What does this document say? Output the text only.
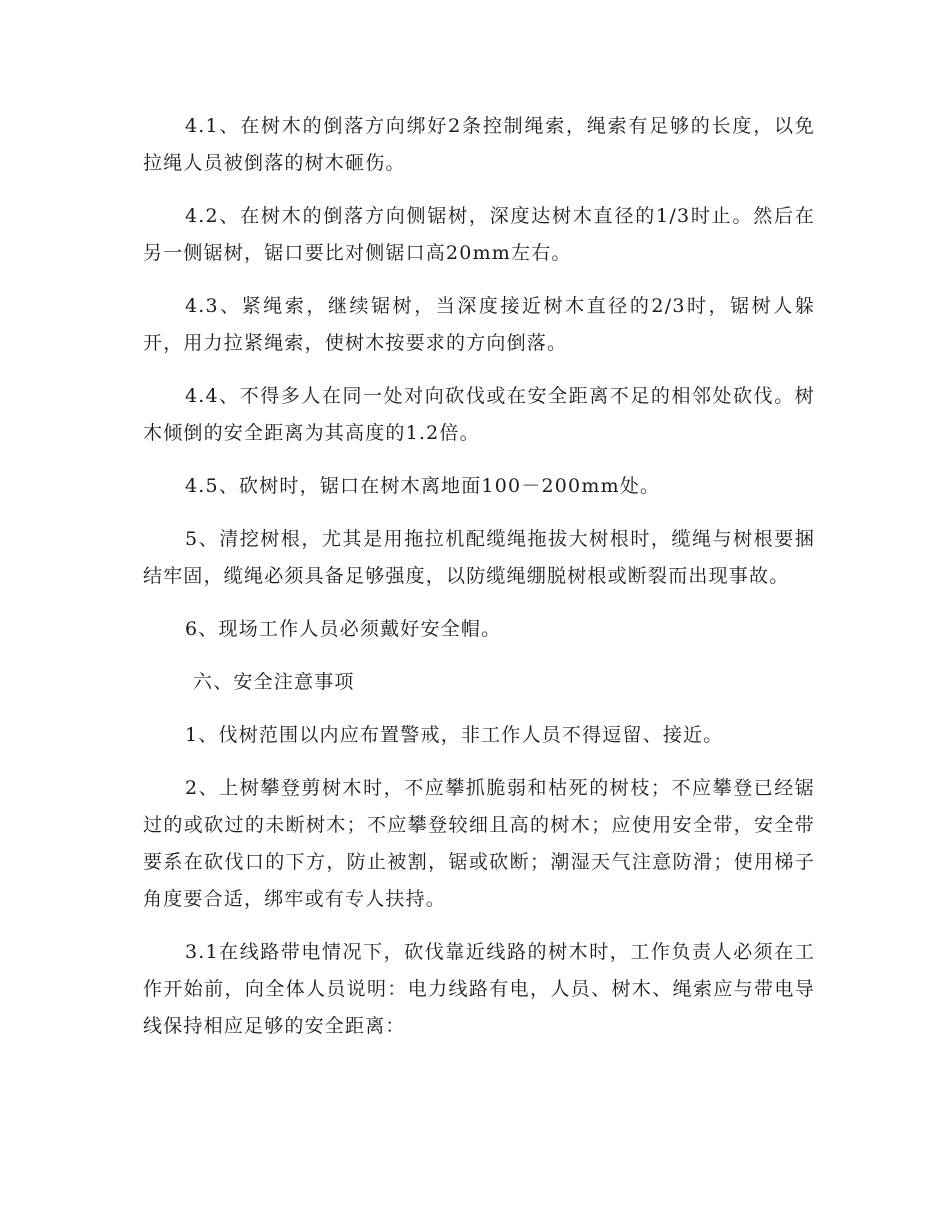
4.1、在树木的倒落方向绑好2条控制绳索，绳索有足够的长度，以免拉绳人员被倒落的树木砸伤。

4.2、在树木的倒落方向侧锯树，深度达树木直径的1/3时止。然后在另一侧锯树，锯口要比对侧锯口高20mm左右。

4.3、紧绳索，继续锯树，当深度接近树木直径的2/3时，锯树人躲开，用力拉紧绳索，使树木按要求的方向倒落。

4.4、不得多人在同一处对向砍伐或在安全距离不足的相邻处砍伐。树木倾倒的安全距离为其高度的1.2倍。

4.5、砍树时，锯口在树木离地面100－200mm处。

5、清挖树根，尤其是用拖拉机配缆绳拖拔大树根时，缆绳与树根要捆结牢固，缆绳必须具备足够强度，以防缆绳绷脱树根或断裂而出现事故。

6、现场工作人员必须戴好安全帽。

六、安全注意事项

1、伐树范围以内应布置警戒，非工作人员不得逗留、接近。

2、上树攀登剪树木时，不应攀抓脆弱和枯死的树枝；不应攀登已经锯过的或砍过的未断树木；不应攀登较细且高的树木；应使用安全带，安全带要系在砍伐口的下方，防止被割，锯或砍断；潮湿天气注意防滑；使用梯子角度要合适，绑牢或有专人扶持。

3.1在线路带电情况下，砍伐靠近线路的树木时，工作负责人必须在工作开始前，向全体人员说明：电力线路有电，人员、树木、绳索应与带电导线保持相应足够的安全距离：
